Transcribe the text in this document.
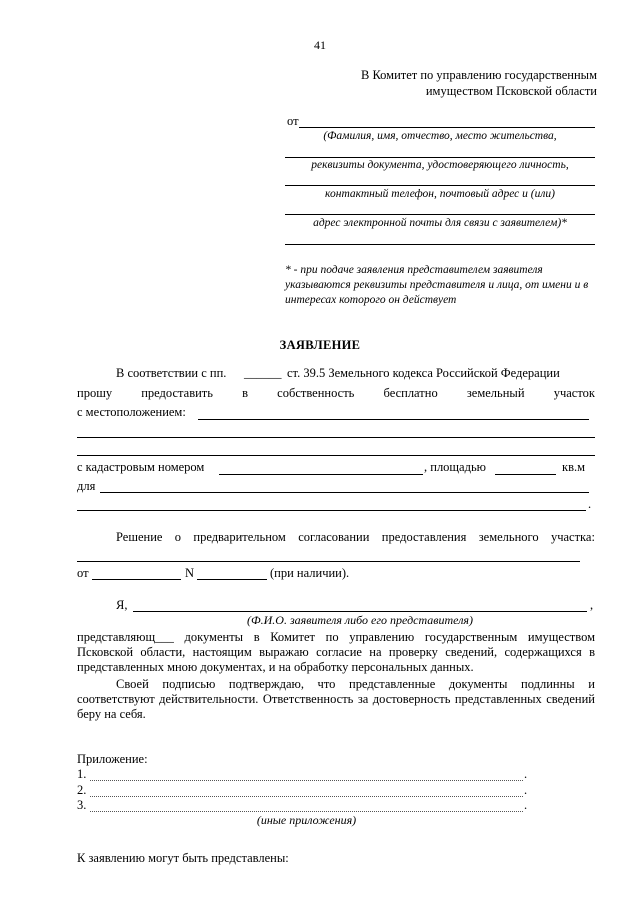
41
В Комитет по управлению государственным
имуществом Псковской области
от
(Фамилия, имя, отчество, место жительства,
реквизиты документа, удостоверяющего личность,
контактный телефон, почтовый адрес и (или)
адрес электронной почты для связи с заявителем)*
* - при подаче заявления представителем заявителя указываются реквизиты представителя и лица, от имени и в интересах которого он действует
ЗАЯВЛЕНИЕ
В соответствии с пп. ______ ст. 39.5 Земельного кодекса Российской Федерации
прошу предоставить в собственность бесплатно земельный участок
с местоположением:
с кадастровым номером	, площадью	кв.м
для
.
Решение о предварительном согласовании предоставления земельного участка:
от	N	(при наличии).
Я,	,
(Ф.И.О. заявителя либо его представителя)
представляющ___ документы в Комитет по управлению государственным имуществом Псковской области, настоящим выражаю согласие на проверку сведений, содержащихся в представленных мною документах, и на обработку персональных данных.
Своей подписью подтверждаю, что представленные документы подлинны и соответствуют действительности. Ответственность за достоверность представленных сведений беру на себя.
Приложение:
1.	.
2.	.
3.	.
(иные приложения)
К заявлению могут быть представлены:
